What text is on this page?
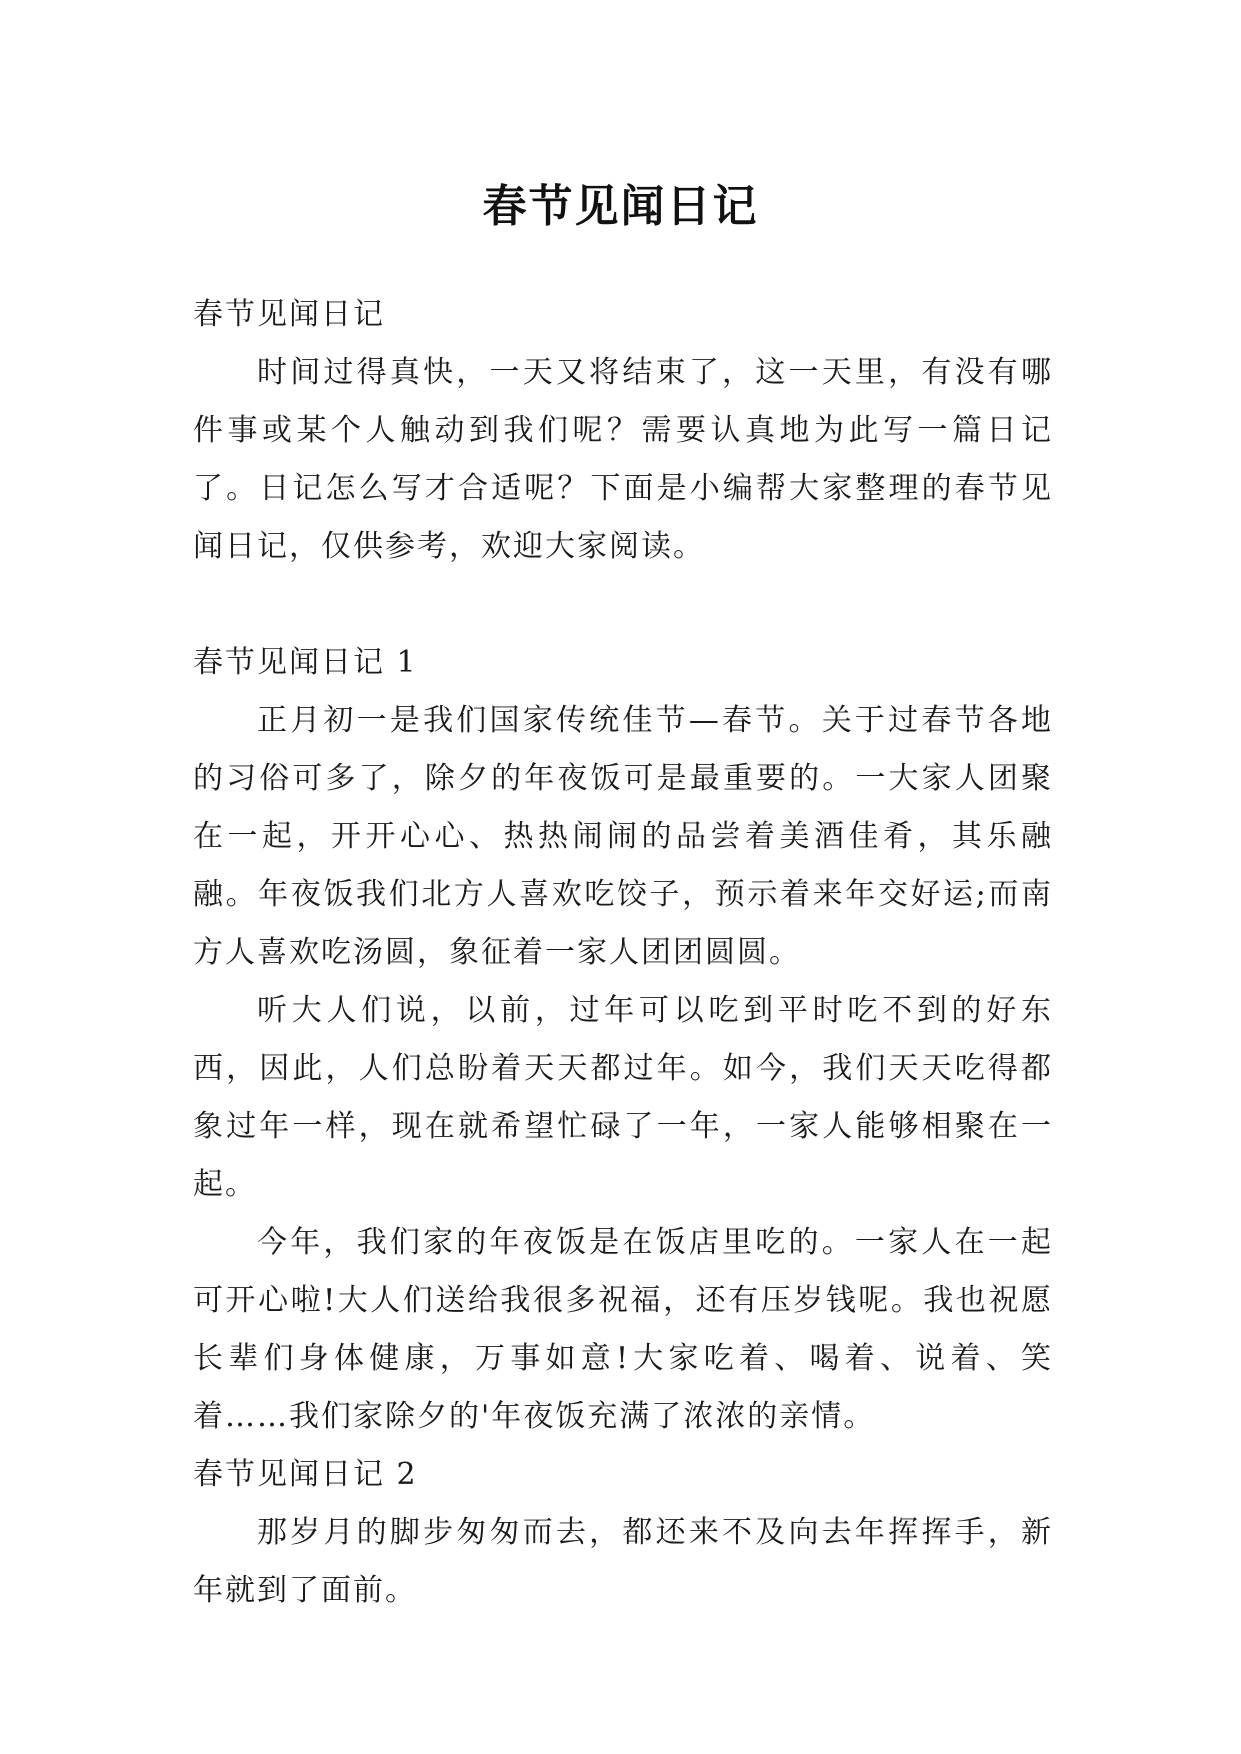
春节见闻日记

春节见闻日记

时间过得真快，一天又将结束了，这一天里，有没有哪件事或某个人触动到我们呢？需要认真地为此写一篇日记了。日记怎么写才合适呢？下面是小编帮大家整理的春节见闻日记，仅供参考，欢迎大家阅读。

春节见闻日记 1

正月初一是我们国家传统佳节—春节。关于过春节各地的习俗可多了，除夕的年夜饭可是最重要的。一大家人团聚在一起，开开心心、热热闹闹的品尝着美酒佳肴，其乐融融。年夜饭我们北方人喜欢吃饺子，预示着来年交好运;而南方人喜欢吃汤圆，象征着一家人团团圆圆。

听大人们说，以前，过年可以吃到平时吃不到的好东西，因此，人们总盼着天天都过年。如今，我们天天吃得都象过年一样，现在就希望忙碌了一年，一家人能够相聚在一起。

今年，我们家的年夜饭是在饭店里吃的。一家人在一起可开心啦!大人们送给我很多祝福，还有压岁钱呢。我也祝愿长辈们身体健康，万事如意!大家吃着、喝着、说着、笑着……我们家除夕的'年夜饭充满了浓浓的亲情。

春节见闻日记 2

那岁月的脚步匆匆而去，都还来不及向去年挥挥手，新年就到了面前。
